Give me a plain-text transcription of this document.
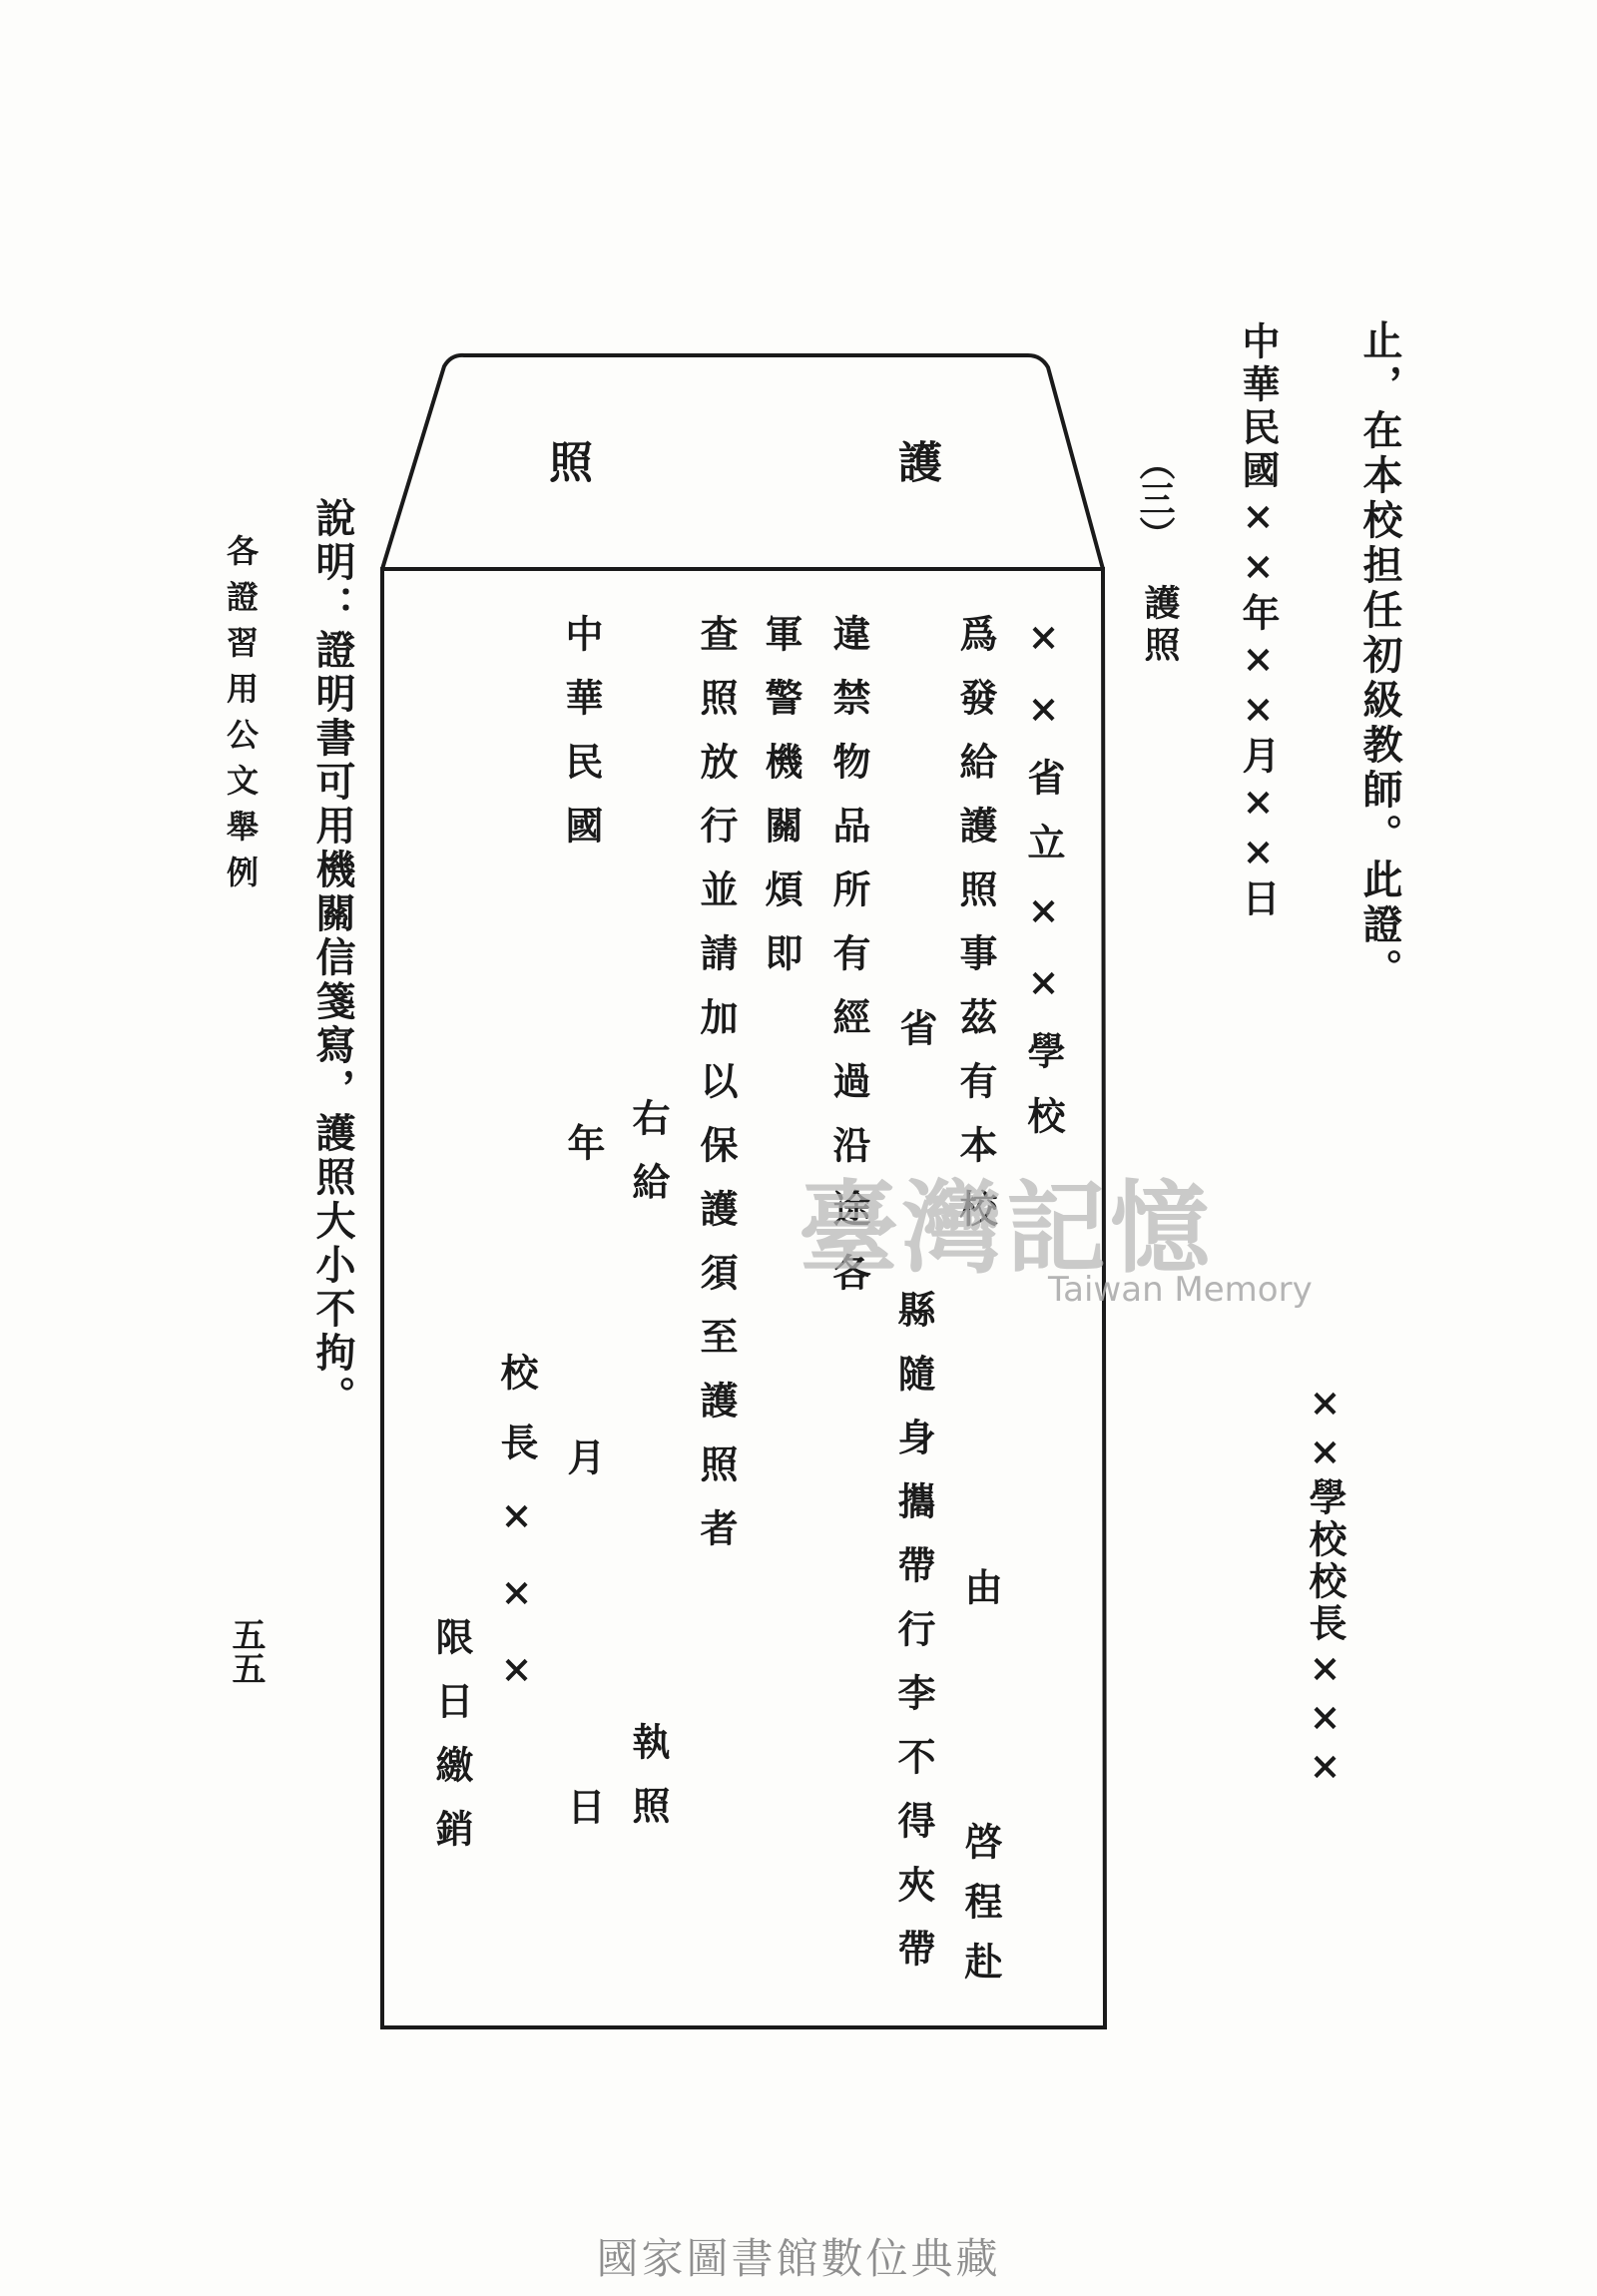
止，在本校担任初級教師。此證。
中華民國××年××月××日
××學校校長×××
（三）
護照
護
照
××省立××學校
爲發給護照事茲有本校
由
啓程赴
省
縣隨身攜帶行李不得夾帶
違禁物品所有經過沿途各
軍警機關煩即
查照放行並請加以保護須至護照者
右給
執照
中華民國
年
月
日
校長×××
限日繳銷
說明：證明書可用機關信箋寫，護照大小不拘。
各證習用公文舉例
五五
臺灣記憶
Taiwan Memory
國家圖書館數位典藏
